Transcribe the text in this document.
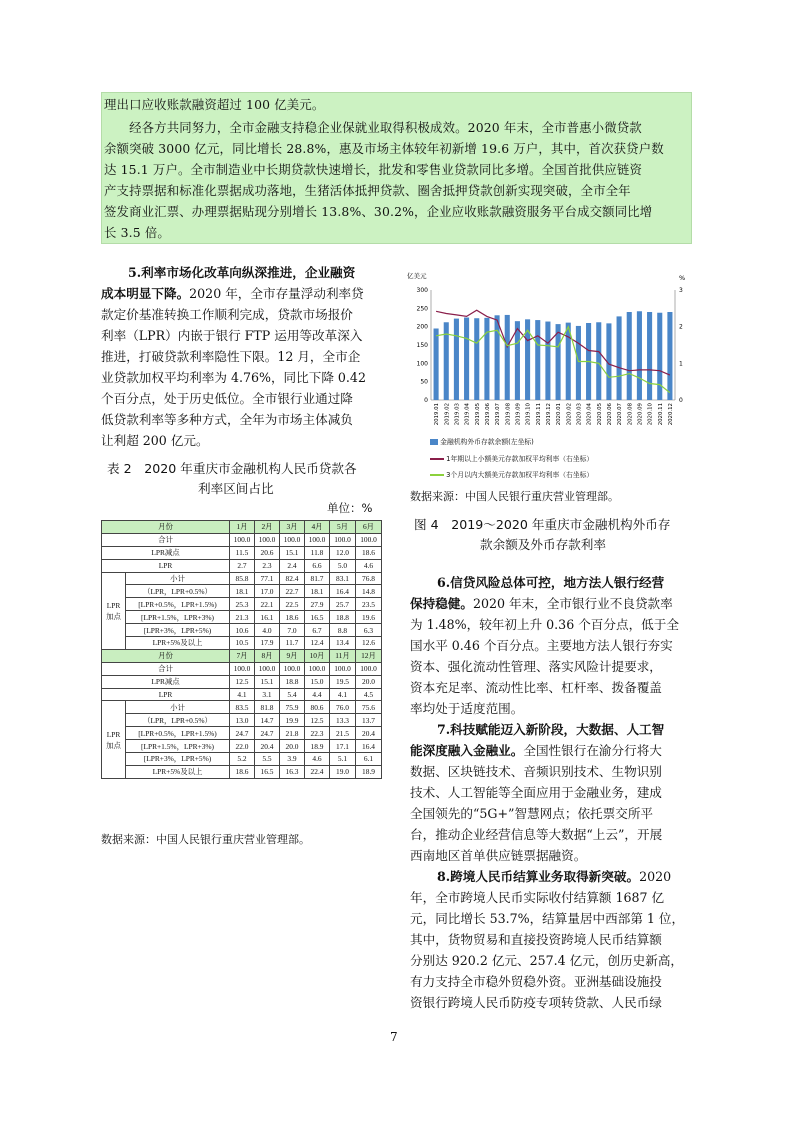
理出口应收账款融资超过 100 亿美元。
　　经各方共同努力，全市金融支持稳企业保就业取得积极成效。2020 年末，全市普惠小微贷款
余额突破 3000 亿元，同比增长 28.8%，惠及市场主体较年初新增 19.6 万户，其中，首次获贷户数
达 15.1 万户。全市制造业中长期贷款快速增长，批发和零售业贷款同比多增。全国首批供应链资
产支持票据和标准化票据成功落地，生猪活体抵押贷款、圈舍抵押贷款创新实现突破，全市全年
签发商业汇票、办理票据贴现分别增长 13.8%、30.2%，企业应收账款融资服务平台成交额同比增
长 3.5 倍。
5.利率市场化改革向纵深推进，企业融资
成本明显下降。2020 年，全市存量浮动利率贷
款定价基准转换工作顺利完成，贷款市场报价
利率（LPR）内嵌于银行 FTP 运用等改革深入
推进，打破贷款利率隐性下限。12 月，全市企
业贷款加权平均利率为 4.76%，同比下降 0.42
个百分点，处于历史低位。全市银行业通过降
低贷款利率等多种方式，全年为市场主体减负
让利超 200 亿元。
表 2　2020 年重庆市金融机构人民币贷款各
利率区间占比
单位：%
月份		1月	2月	3月	4月	5月	6月
合计		100.0	100.0	100.0	100.0	100.0	100.0
LPR减点		11.5	20.6	15.1	11.8	12.0	18.6
LPR		2.7	2.3	2.4	6.6	5.0	4.6

LPR
加点	小计	85.8	77.1	82.4	81.7	83.1	76.8
	（LPR，LPR+0.5%）	18.1	17.0	22.7	18.1	16.4	14.8
	[LPR+0.5%，LPR+1.5%)	25.3	22.1	22.5	27.9	25.7	23.5
	[LPR+1.5%，LPR+3%)	21.3	16.1	18.6	16.5	18.8	19.6
	[LPR+3%，LPR+5%)	10.6	4.0	7.0	6.7	8.8	6.3
	LPR+5%及以上	10.5	17.9	11.7	12.4	13.4	12.6
月份		7月	8月	9月	10月	11月	12月
合计		100.0	100.0	100.0	100.0	100.0	100.0
LPR减点		12.5	15.1	18.8	15.0	19.5	20.0
LPR		4.1	3.1	5.4	4.4	4.1	4.5

LPR
加点	小计	83.5	81.8	75.9	80.6	76.0	75.6
	（LPR，LPR+0.5%）	13.0	14.7	19.9	12.5	13.3	13.7
	[LPR+0.5%，LPR+1.5%)	24.7	24.7	21.8	22.3	21.5	20.4
	[LPR+1.5%，LPR+3%)	22.0	20.4	20.0	18.9	17.1	16.4
	[LPR+3%，LPR+5%)	5.2	5.5	3.9	4.6	5.1	6.1
	LPR+5%及以上	18.6	16.5	16.3	22.4	19.0	18.9
数据来源：中国人民银行重庆营业管理部。
亿美元	%
300
250
200
150
100
50
0
3
2
1
0
2019.01 2019.02 2019.03 2019.04 2019.05 2019.06 2019.07 2019.08 2019.09 2019.10 2019.11 2019.12 2020.01 2020.02 2020.03 2020.04 2020.05 2020.06 2020.07 2020.08 2020.09 2020.10 2020.11 2020.12
金融机构外币存款余额(左坐标)
1年期以上小额美元存款加权平均利率（右坐标）
3个月以内大额美元存款加权平均利率（右坐标）
数据来源：中国人民银行重庆营业管理部。
图 4　2019～2020 年重庆市金融机构外币存
款余额及外币存款利率
6.信贷风险总体可控，地方法人银行经营
保持稳健。2020 年末，全市银行业不良贷款率
为 1.48%，较年初上升 0.36 个百分点，低于全
国水平 0.46 个百分点。主要地方法人银行夯实
资本、强化流动性管理、落实风险计提要求，
资本充足率、流动性比率、杠杆率、拨备覆盖
率均处于适度范围。
7.科技赋能迈入新阶段，大数据、人工智
能深度融入金融业。全国性银行在渝分行将大
数据、区块链技术、音频识别技术、生物识别
技术、人工智能等全面应用于金融业务，建成
全国领先的“5G+”智慧网点；依托票交所平
台，推动企业经营信息等大数据“上云”，开展
西南地区首单供应链票据融资。
8.跨境人民币结算业务取得新突破。2020
年，全市跨境人民币实际收付结算额 1687 亿
元，同比增长 53.7%，结算量居中西部第 1 位，
其中，货物贸易和直接投资跨境人民币结算额
分别达 920.2 亿元、257.4 亿元，创历史新高，
有力支持全市稳外贸稳外资。亚洲基础设施投
资银行跨境人民币防疫专项转贷款、人民币绿
7
